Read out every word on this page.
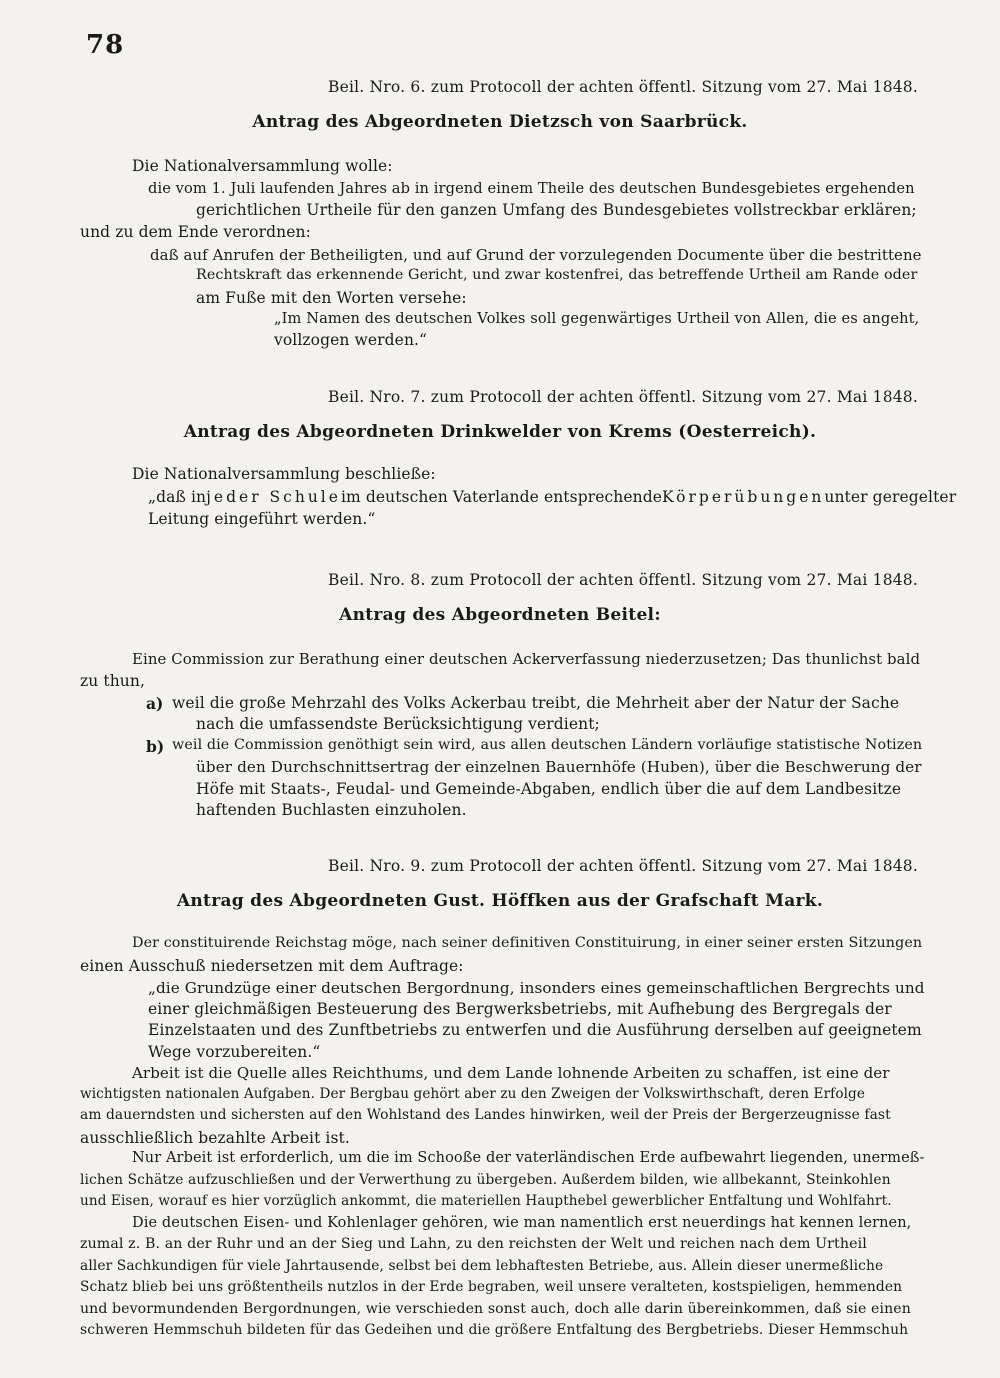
78
Beil. Nro. 6. zum Protocoll der achten öffentl. Sitzung vom 27. Mai 1848.
Antrag des Abgeordneten Dietzsch von Saarbrück.
Die Nationalversammlung wolle:
die vom 1. Juli laufenden Jahres ab in irgend einem Theile des deutschen Bundesgebietes ergehenden
gerichtlichen Urtheile für den ganzen Umfang des Bundesgebietes vollstreckbar erklären;
und zu dem Ende verordnen:
daß auf Anrufen der Betheiligten, und auf Grund der vorzulegenden Documente über die bestrittene
Rechtskraft das erkennende Gericht, und zwar kostenfrei, das betreffende Urtheil am Rande oder
am Fuße mit den Worten versehe:
„Im Namen des deutschen Volkes soll gegenwärtiges Urtheil von Allen, die es angeht,
vollzogen werden.“
Beil. Nro. 7. zum Protocoll der achten öffentl. Sitzung vom 27. Mai 1848.
Antrag des Abgeordneten Drinkwelder von Krems (Oesterreich).
Die Nationalversammlung beschließe:
„daß in jeder Schule im deutschen Vaterlande entsprechende Körperübungen unter geregelter
Leitung eingeführt werden.“
Beil. Nro. 8. zum Protocoll der achten öffentl. Sitzung vom 27. Mai 1848.
Antrag des Abgeordneten Beitel:
Eine Commission zur Berathung einer deutschen Ackerverfassung niederzusetzen; Das thunlichst bald
zu thun,
a) weil die große Mehrzahl des Volks Ackerbau treibt, die Mehrheit aber der Natur der Sache
nach die umfassendste Berücksichtigung verdient;
b) weil die Commission genöthigt sein wird, aus allen deutschen Ländern vorläufige statistische Notizen
über den Durchschnittsertrag der einzelnen Bauernhöfe (Huben), über die Beschwerung der
Höfe mit Staats-, Feudal- und Gemeinde-Abgaben, endlich über die auf dem Landbesitze
haftenden Buchlasten einzuholen.
Beil. Nro. 9. zum Protocoll der achten öffentl. Sitzung vom 27. Mai 1848.
Antrag des Abgeordneten Gust. Höffken aus der Grafschaft Mark.
Der constituirende Reichstag möge, nach seiner definitiven Constituirung, in einer seiner ersten Sitzungen
einen Ausschuß niedersetzen mit dem Auftrage:
„die Grundzüge einer deutschen Bergordnung, insonders eines gemeinschaftlichen Bergrechts und
einer gleichmäßigen Besteuerung des Bergwerksbetriebs, mit Aufhebung des Bergregals der
Einzelstaaten und des Zunftbetriebs zu entwerfen und die Ausführung derselben auf geeignetem
Wege vorzubereiten.“
Arbeit ist die Quelle alles Reichthums, und dem Lande lohnende Arbeiten zu schaffen, ist eine der
wichtigsten nationalen Aufgaben. Der Bergbau gehört aber zu den Zweigen der Volkswirthschaft, deren Erfolge
am dauerndsten und sichersten auf den Wohlstand des Landes hinwirken, weil der Preis der Bergerzeugnisse fast
ausschließlich bezahlte Arbeit ist.
Nur Arbeit ist erforderlich, um die im Schooße der vaterländischen Erde aufbewahrt liegenden, unermeß-
lichen Schätze aufzuschließen und der Verwerthung zu übergeben. Außerdem bilden, wie allbekannt, Steinkohlen
und Eisen, worauf es hier vorzüglich ankommt, die materiellen Haupthebel gewerblicher Entfaltung und Wohlfahrt.
Die deutschen Eisen- und Kohlenlager gehören, wie man namentlich erst neuerdings hat kennen lernen,
zumal z. B. an der Ruhr und an der Sieg und Lahn, zu den reichsten der Welt und reichen nach dem Urtheil
aller Sachkundigen für viele Jahrtausende, selbst bei dem lebhaftesten Betriebe, aus. Allein dieser unermeßliche
Schatz blieb bei uns größtentheils nutzlos in der Erde begraben, weil unsere veralteten, kostspieligen, hemmenden
und bevormundenden Bergordnungen, wie verschieden sonst auch, doch alle darin übereinkommen, daß sie einen
schweren Hemmschuh bildeten für das Gedeihen und die größere Entfaltung des Bergbetriebs. Dieser Hemmschuh
